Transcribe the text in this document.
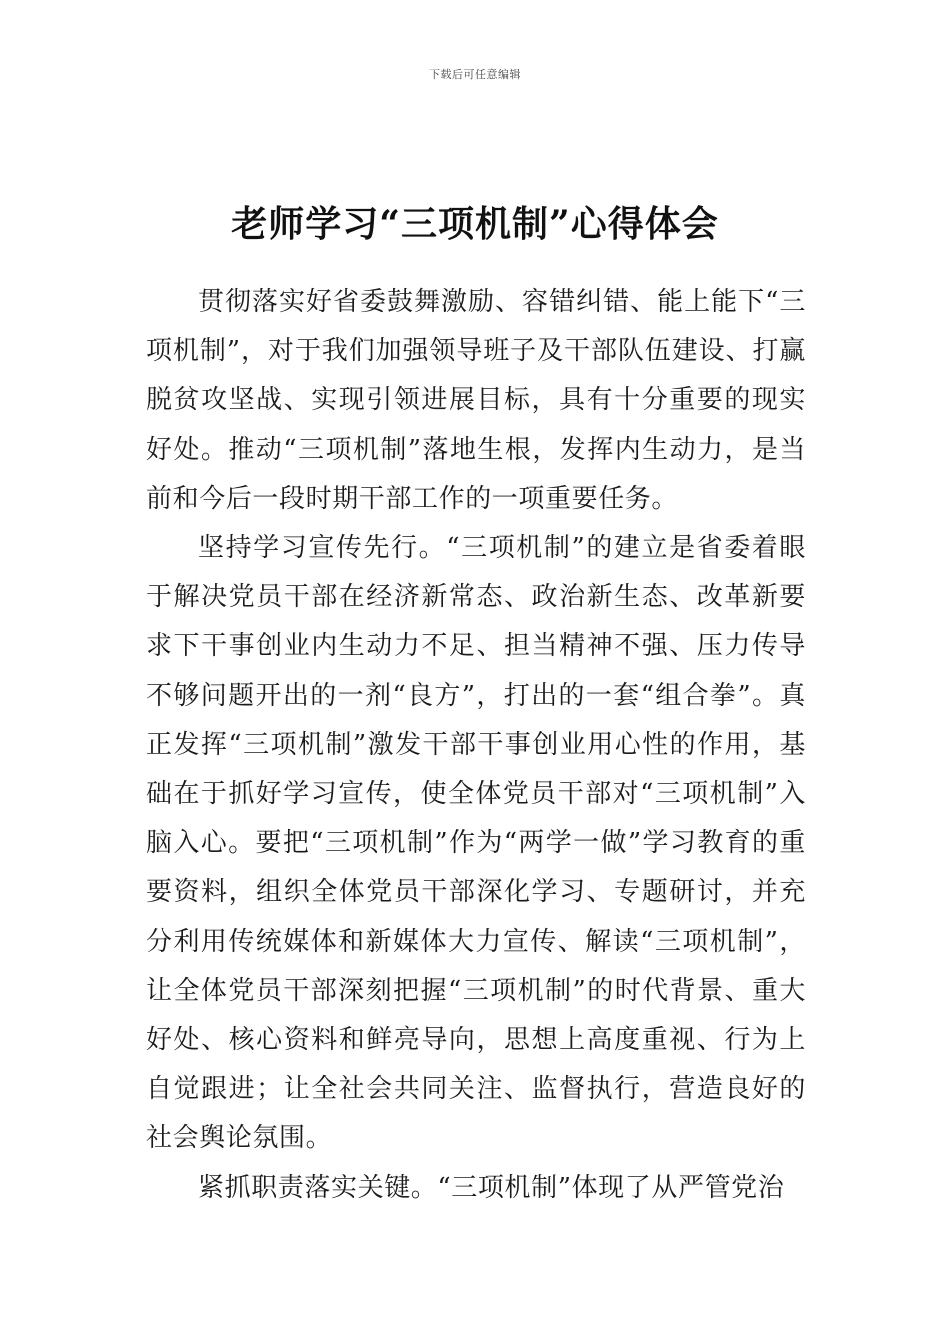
下载后可任意编辑
老师学习“三项机制”心得体会

贯彻落实好省委鼓舞激励、容错纠错、能上能下“三项机制”，对于我们加强领导班子及干部队伍建设、打赢脱贫攻坚战、实现引领进展目标，具有十分重要的现实好处。推动“三项机制”落地生根，发挥内生动力，是当前和今后一段时期干部工作的一项重要任务。

坚持学习宣传先行。“三项机制”的建立是省委着眼于解决党员干部在经济新常态、政治新生态、改革新要求下干事创业内生动力不足、担当精神不强、压力传导不够问题开出的一剂“良方”，打出的一套“组合拳”。真正发挥“三项机制”激发干部干事创业用心性的作用，基础在于抓好学习宣传，使全体党员干部对“三项机制”入脑入心。要把“三项机制”作为“两学一做”学习教育的重要资料，组织全体党员干部深化学习、专题研讨，并充分利用传统媒体和新媒体大力宣传、解读“三项机制”，让全体党员干部深刻把握“三项机制”的时代背景、重大好处、核心资料和鲜亮导向，思想上高度重视、行为上自觉跟进；让全社会共同关注、监督执行，营造良好的社会舆论氛围。

紧抓职责落实关键。“三项机制”体现了从严管党治
